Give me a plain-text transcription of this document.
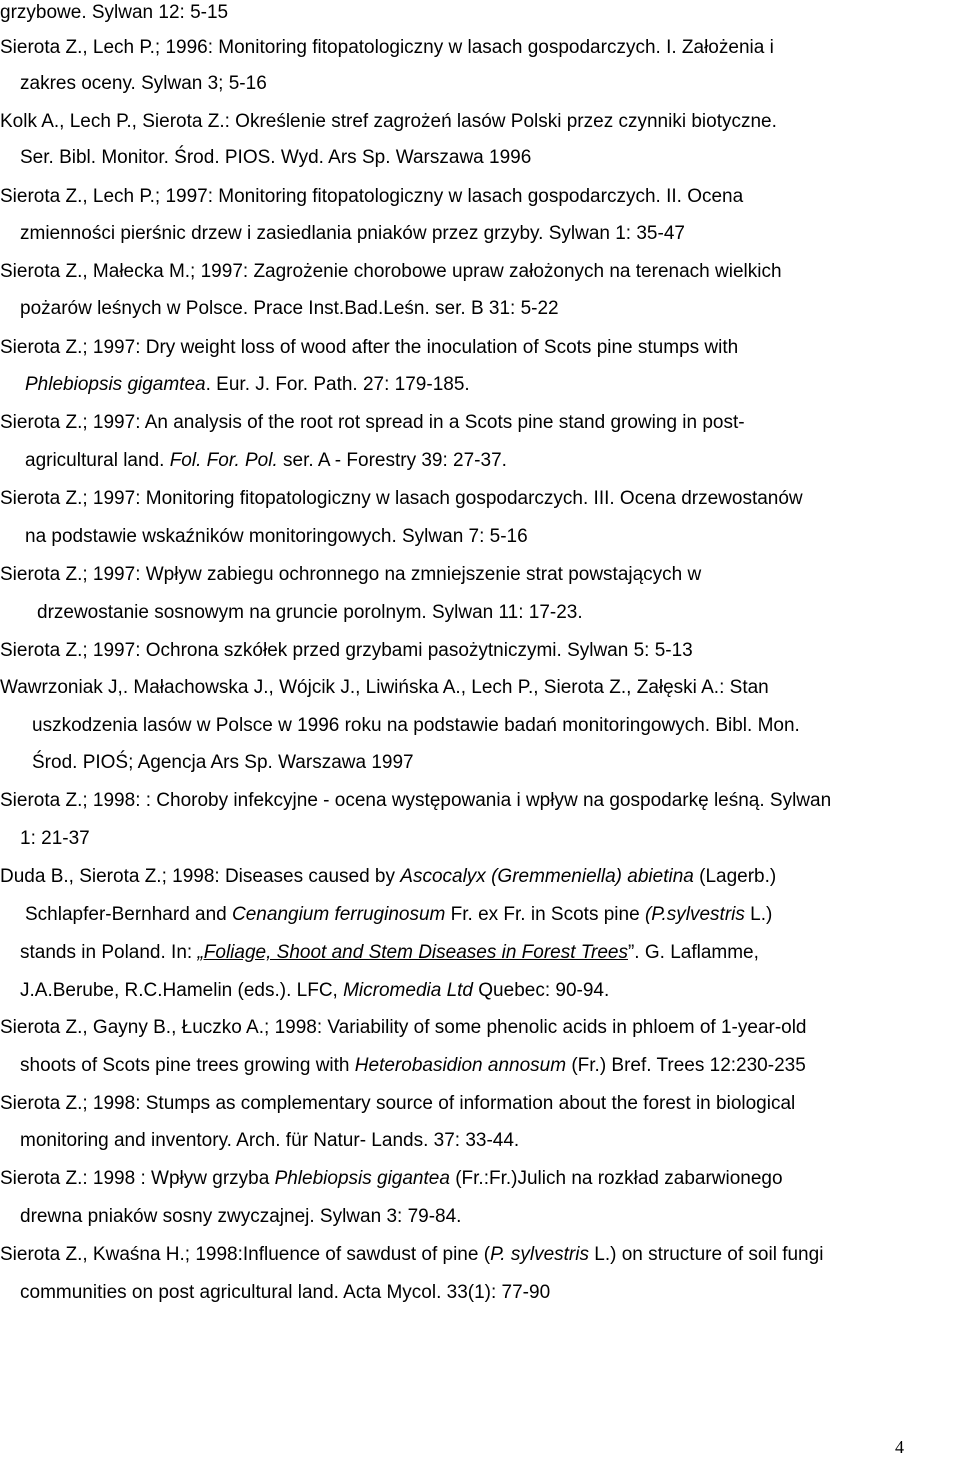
grzybowe. Sylwan 12: 5-15
Sierota Z., Lech P.; 1996: Monitoring fitopatologiczny w lasach gospodarczych. I. Założenia i
zakres oceny. Sylwan 3; 5-16
Kolk A., Lech P., Sierota Z.: Określenie stref zagrożeń lasów Polski przez czynniki biotyczne.
Ser. Bibl. Monitor. Środ. PIOS. Wyd. Ars Sp. Warszawa 1996
Sierota Z., Lech P.; 1997: Monitoring fitopatologiczny w lasach gospodarczych. II. Ocena
zmienności pierśnic drzew i zasiedlania pniaków przez grzyby. Sylwan 1: 35-47
Sierota Z., Małecka M.; 1997: Zagrożenie chorobowe upraw założonych na terenach wielkich
pożarów leśnych w Polsce. Prace Inst.Bad.Leśn. ser. B 31: 5-22
Sierota Z.; 1997: Dry weight loss of wood after the inoculation of Scots pine stumps with
Phlebiopsis gigamtea. Eur. J. For. Path. 27: 179-185.
Sierota Z.; 1997: An analysis of the root rot spread in a Scots pine stand growing in post-
agricultural land. Fol. For. Pol. ser. A - Forestry 39: 27-37.
Sierota Z.; 1997: Monitoring fitopatologiczny w lasach gospodarczych. III. Ocena drzewostanów
na podstawie wskaźników monitoringowych. Sylwan 7: 5-16
Sierota Z.; 1997: Wpływ zabiegu ochronnego na zmniejszenie strat powstających w
drzewostanie sosnowym na gruncie porolnym. Sylwan 11: 17-23.
Sierota Z.; 1997: Ochrona szkółek przed grzybami pasożytniczymi. Sylwan 5: 5-13
Wawrzoniak J,. Małachowska J., Wójcik J., Liwińska A., Lech P., Sierota Z., Załęski A.: Stan
uszkodzenia lasów w Polsce w 1996 roku na podstawie badań monitoringowych. Bibl. Mon.
Środ. PIOŚ; Agencja Ars Sp. Warszawa 1997
Sierota Z.; 1998: : Choroby infekcyjne - ocena występowania i wpływ na gospodarkę leśną. Sylwan
1: 21-37
Duda B., Sierota Z.; 1998: Diseases caused by Ascocalyx (Gremmeniella) abietina (Lagerb.)
Schlapfer-Bernhard and Cenangium ferruginosum Fr. ex Fr. in Scots pine (P.sylvestris L.)
stands in Poland. In: „Foliage, Shoot and Stem Diseases in Forest Trees”. G. Laflamme,
J.A.Berube, R.C.Hamelin (eds.). LFC, Micromedia Ltd Quebec: 90-94.
Sierota Z., Gayny B., Łuczko A.; 1998: Variability of some phenolic acids in phloem of 1-year-old
shoots of Scots pine trees growing with Heterobasidion annosum (Fr.) Bref. Trees 12:230-235
Sierota Z.; 1998: Stumps as complementary source of information about the forest in biological
monitoring and inventory. Arch. für Natur- Lands. 37: 33-44.
Sierota Z.: 1998 : Wpływ grzyba Phlebiopsis gigantea (Fr.:Fr.)Julich na rozkład zabarwionego
drewna pniaków sosny zwyczajnej. Sylwan 3: 79-84.
Sierota Z., Kwaśna H.; 1998:Influence of sawdust of pine (P. sylvestris L.) on structure of soil fungi
communities on post agricultural land. Acta Mycol. 33(1): 77-90
4
